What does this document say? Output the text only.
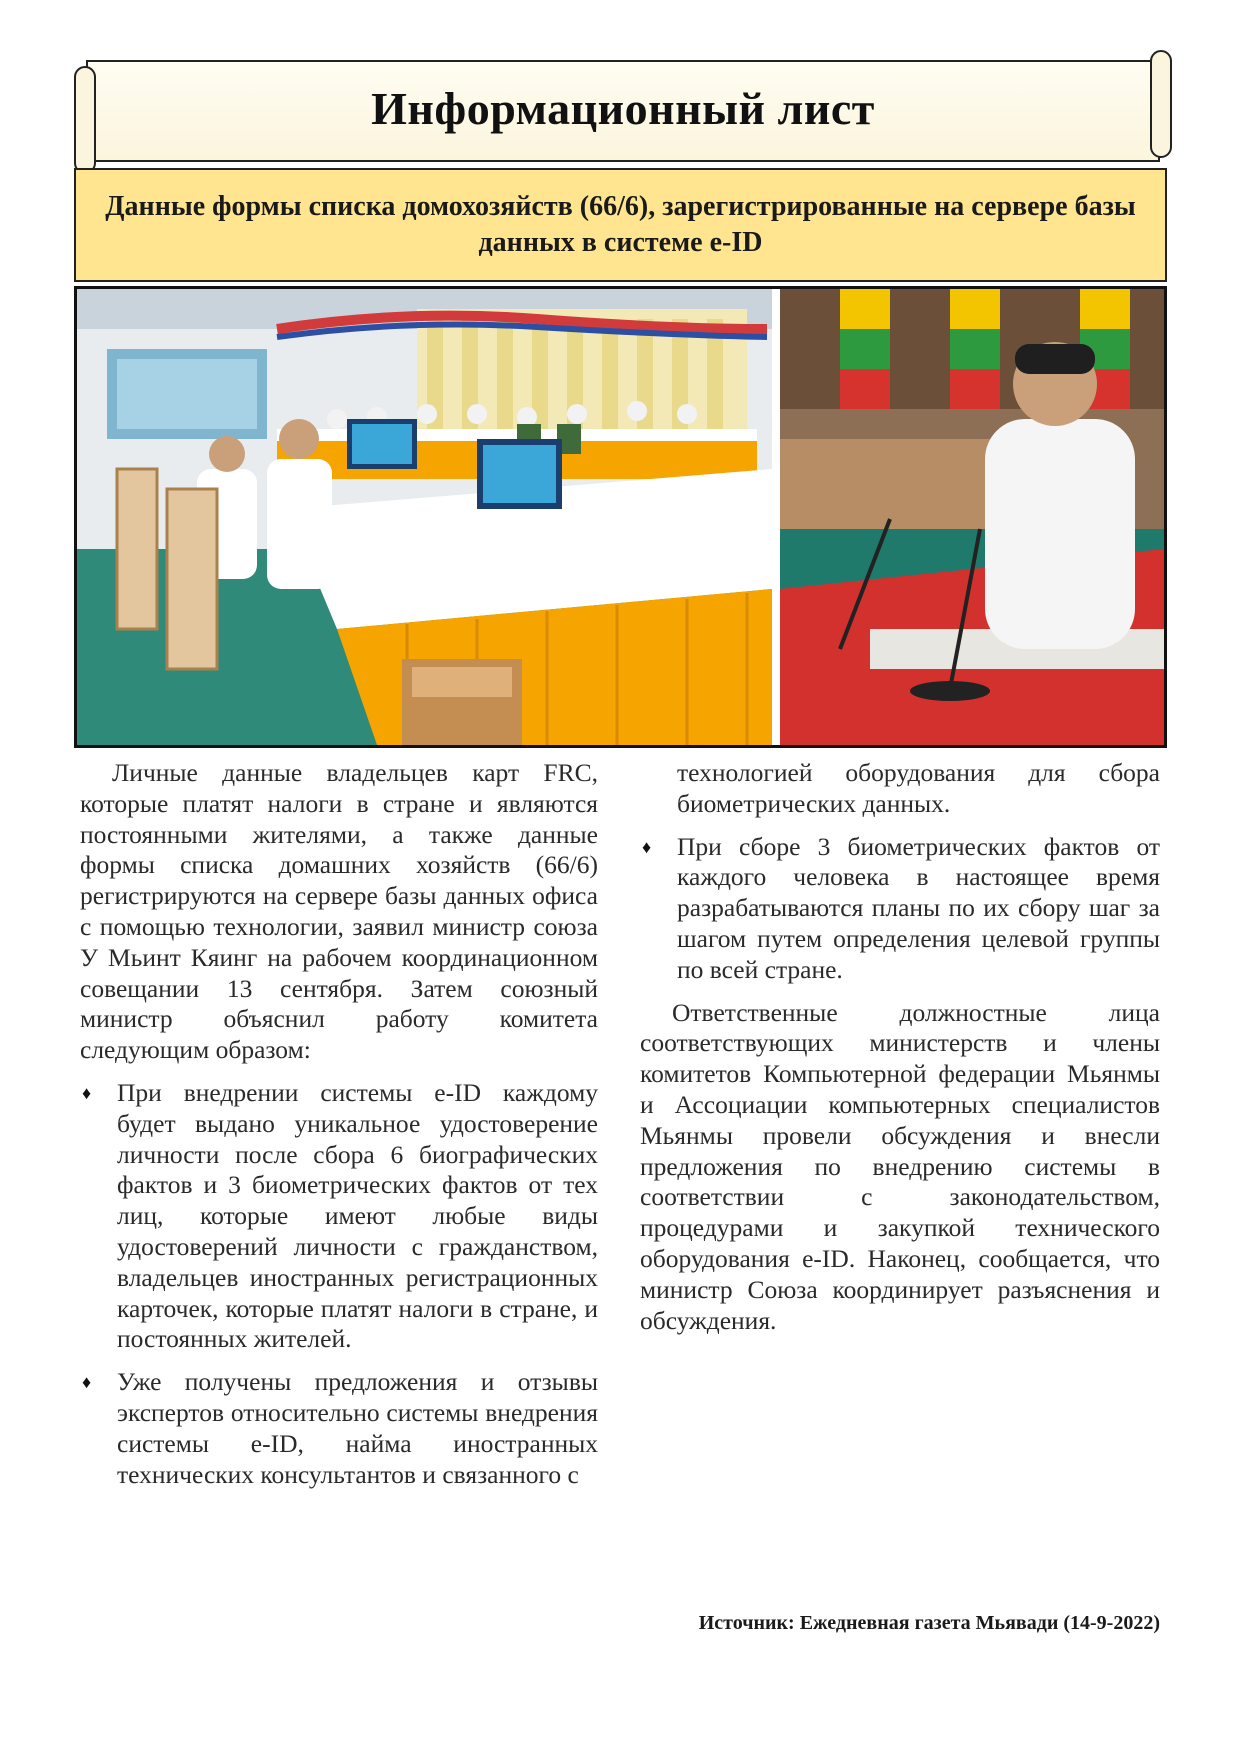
Информационный лист
Данные формы списка домохозяйств (66/6), зарегистрированные на сервере базы данных в системе e-ID

Личные данные владельцев карт FRC, которые платят налоги в стране и являются постоянными жителями, а также данные формы списка домашних хозяйств (66/6) регистрируются на сервере базы данных офиса с помощью технологии, заявил министр союза У Мьинт Кяинг на рабочем координационном совещании 13 сентября. Затем союзный министр объяснил работу комитета следующим образом:

♦ При внедрении системы e-ID каждому будет выдано уникальное удостоверение личности после сбора 6 биографических фактов и 3 биометрических фактов от тех лиц, которые имеют любые виды удостоверений личности с гражданством, владельцев иностранных регистрационных карточек, которые платят налоги в стране, и постоянных жителей.

♦ Уже получены предложения и отзывы экспертов относительно системы внедрения системы e-ID, найма иностранных технических консультантов и связанного с

технологией оборудования для сбора биометрических данных.

♦ При сборе 3 биометрических фактов от каждого человека в настоящее время разрабатываются планы по их сбору шаг за шагом путем определения целевой группы по всей стране.

Ответственные должностные лица соответствующих министерств и члены комитетов Компьютерной федерации Мьянмы и Ассоциации компьютерных специалистов Мьянмы провели обсуждения и внесли предложения по внедрению системы в соответствии с законодательством, процедурами и закупкой технического оборудования e-ID. Наконец, сообщается, что министр Союза координирует разъяснения и обсуждения.

Источник: Ежедневная газета Мьявади (14-9-2022)
